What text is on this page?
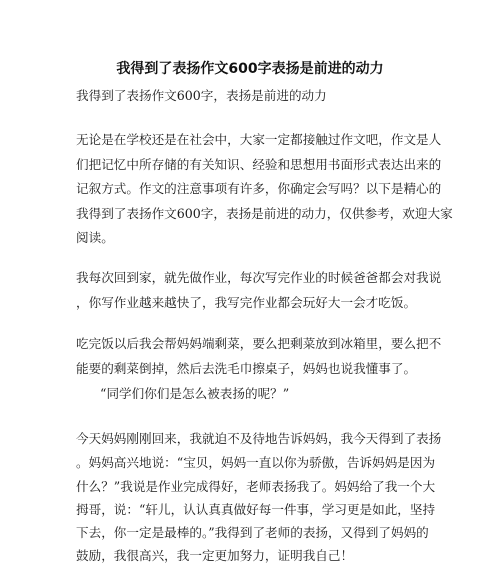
我得到了表扬作文600字表扬是前进的动力

我得到了表扬作文600字，表扬是前进的动力

无论是在学校还是在社会中，大家一定都接触过作文吧，作文是人

们把记忆中所存储的有关知识、经验和思想用书面形式表达出来的

记叙方式。作文的注意事项有许多，你确定会写吗？以下是精心的

我得到了表扬作文600字，表扬是前进的动力，仅供参考，欢迎大家

阅读。

我每次回到家，就先做作业，每次写完作业的时候爸爸都会对我说

，你写作业越来越快了，我写完作业都会玩好大一会才吃饭。

吃完饭以后我会帮妈妈端剩菜，要么把剩菜放到冰箱里，要么把不

能要的剩菜倒掉，然后去洗毛巾擦桌子，妈妈也说我懂事了。

“同学们你们是怎么被表扬的呢？”

今天妈妈刚刚回来，我就迫不及待地告诉妈妈，我今天得到了表扬

。妈妈高兴地说：“宝贝，妈妈一直以你为骄傲，告诉妈妈是因为

什么？”我说是作业完成得好，老师表扬我了。妈妈给了我一个大

拇哥，说：“轩儿，认认真真做好每一件事，学习更是如此，坚持

下去，你一定是最棒的。”我得到了老师的表扬，又得到了妈妈的

鼓励，我很高兴，我一定更加努力，证明我自己！
